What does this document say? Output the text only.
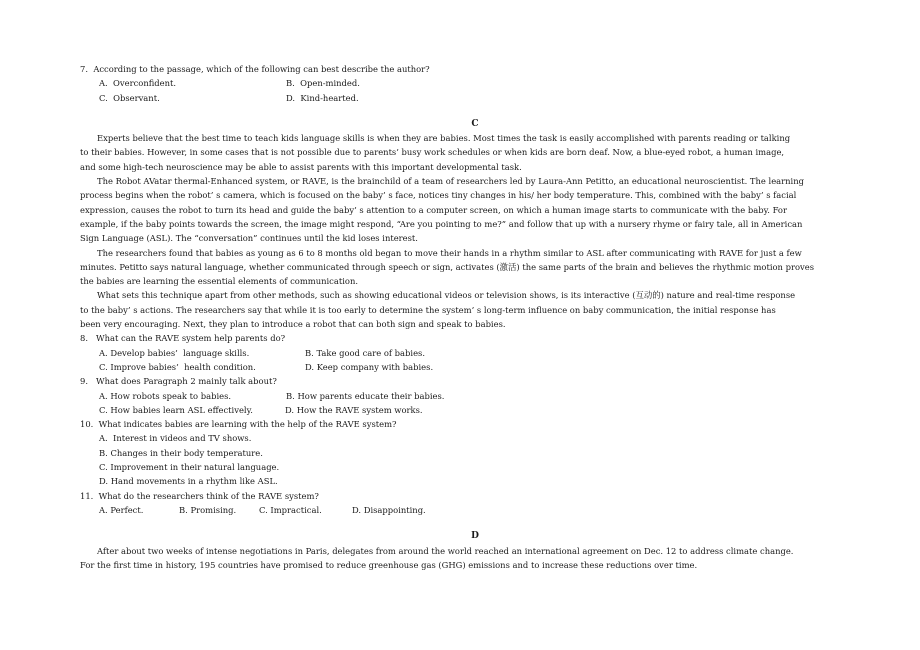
7.  According to the passage, which of the following can best describe the author?
A.  Overconfident.	B.  Open-minded.
C.  Observant.	D.  Kind-hearted.
C
Experts believe that the best time to teach kids language skills is when they are babies. Most times the task is easily accomplished with parents reading or talking
to their babies. However, in some cases that is not possible due to parents’ busy work schedules or when kids are born deaf. Now, a blue-eyed robot, a human image,
and some high-tech neuroscience may be able to assist parents with this important developmental task.
The Robot AVatar thermal-Enhanced system, or RAVE, is the brainchild of a team of researchers led by Laura-Ann Petitto, an educational neuroscientist. The learning
process begins when the robot’ s camera, which is focused on the baby’ s face, notices tiny changes in his/ her body temperature. This, combined with the baby’ s facial
expression, causes the robot to turn its head and guide the baby’ s attention to a computer screen, on which a human image starts to communicate with the baby. For
example, if the baby points towards the screen, the image might respond, “Are you pointing to me?” and follow that up with a nursery rhyme or fairy tale, all in American
Sign Language (ASL). The “conversation” continues until the kid loses interest.
The researchers found that babies as young as 6 to 8 months old began to move their hands in a rhythm similar to ASL after communicating with RAVE for just a few
minutes. Petitto says natural language, whether communicated through speech or sign, activates (激活) the same parts of the brain and believes the rhythmic motion proves
the babies are learning the essential elements of communication.
What sets this technique apart from other methods, such as showing educational videos or television shows, is its interactive (互动的) nature and real-time response
to the baby’ s actions. The researchers say that while it is too early to determine the system’ s long-term influence on baby communication, the initial response has
been very encouraging. Next, they plan to introduce a robot that can both sign and speak to babies.
8.   What can the RAVE system help parents do?
A. Develop babies’  language skills.	B. Take good care of babies.
C. Improve babies’  health condition.	D. Keep company with babies.
9.   What does Paragraph 2 mainly talk about?
A. How robots speak to babies.	B. How parents educate their babies.
C. How babies learn ASL effectively.	D. How the RAVE system works.
10.  What indicates babies are learning with the help of the RAVE system?
A.  Interest in videos and TV shows.
B. Changes in their body temperature.
C. Improvement in their natural language.
D. Hand movements in a rhythm like ASL.
11.  What do the researchers think of the RAVE system?
A. Perfect.	B. Promising.	C. Impractical.	D. Disappointing.
D
After about two weeks of intense negotiations in Paris, delegates from around the world reached an international agreement on Dec. 12 to address climate change.
For the first time in history, 195 countries have promised to reduce greenhouse gas (GHG) emissions and to increase these reductions over time.
